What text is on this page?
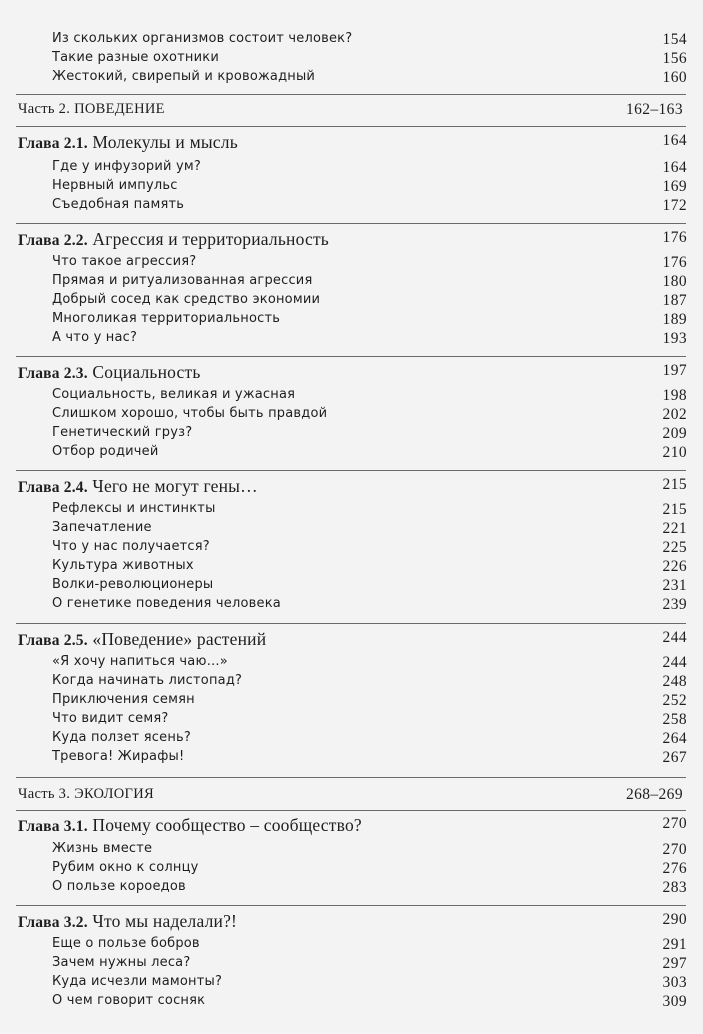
Из скольких организмов состоит человек?	154
Такие разные охотники	156
Жестокий, свирепый и кровожадный	160
Часть 2. ПОВЕДЕНИЕ	162–163
Глава 2.1. Молекулы и мысль	164
Где у инфузорий ум?	164
Нервный импульс	169
Съедобная память	172
Глава 2.2. Агрессия и территориальность	176
Что такое агрессия?	176
Прямая и ритуализованная агрессия	180
Добрый сосед как средство экономии	187
Многоликая территориальность	189
А что у нас?	193
Глава 2.3. Социальность	197
Социальность, великая и ужасная	198
Слишком хорошо, чтобы быть правдой	202
Генетический груз?	209
Отбор родичей	210
Глава 2.4. Чего не могут гены…	215
Рефлексы и инстинкты	215
Запечатление	221
Что у нас получается?	225
Культура животных	226
Волки-революционеры	231
О генетике поведения человека	239
Глава 2.5. «Поведение» растений	244
«Я хочу напиться чаю…»	244
Когда начинать листопад?	248
Приключения семян	252
Что видит семя?	258
Куда ползет ясень?	264
Тревога! Жирафы!	267
Часть 3. ЭКОЛОГИЯ	268–269
Глава 3.1. Почему сообщество – сообщество?	270
Жизнь вместе	270
Рубим окно к солнцу	276
О пользе короедов	283
Глава 3.2. Что мы наделали?!	290
Еще о пользе бобров	291
Зачем нужны леса?	297
Куда исчезли мамонты?	303
О чем говорит сосняк	309
